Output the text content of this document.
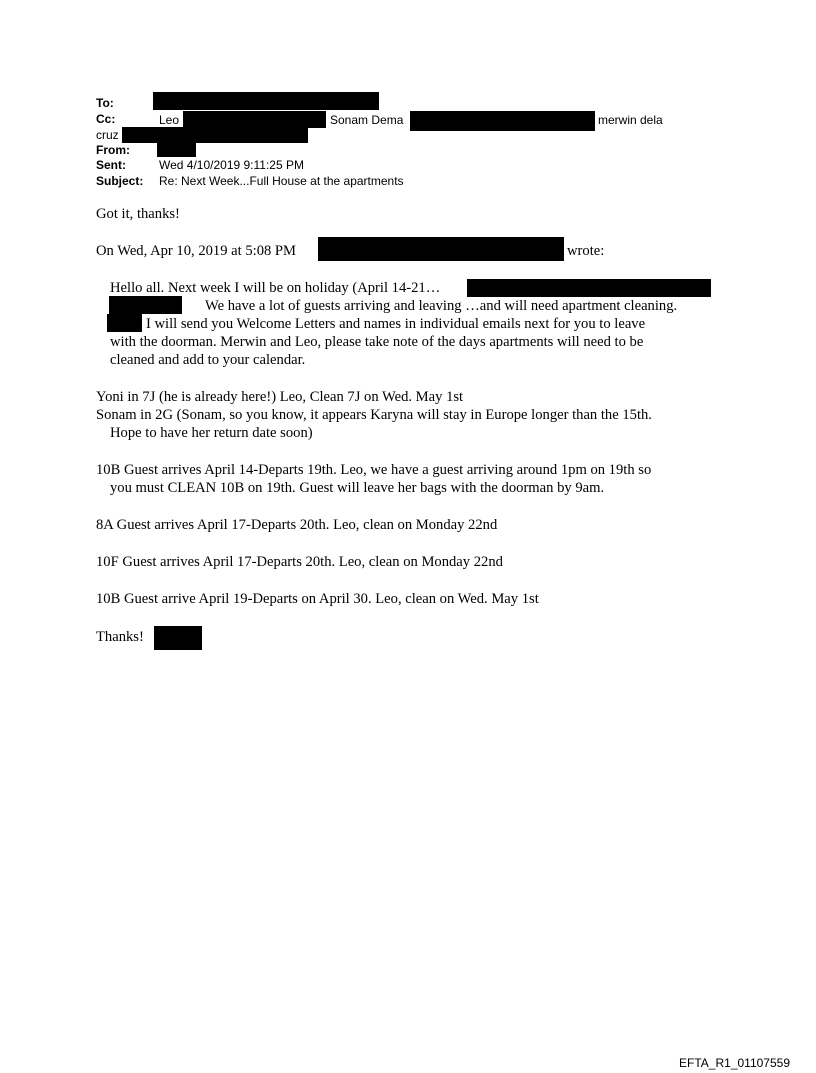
To:
Cc:	Leo	Sonam Dema	merwin dela
cruz
From:
Sent:	Wed 4/10/2019 9:11:25 PM
Subject: Re: Next Week...Full House at the apartments
Got it, thanks!
On Wed, Apr 10, 2019 at 5:08 PM	wrote:
Hello all. Next week I will be on holiday (April 14-21…
We have a lot of guests arriving and leaving …and will need apartment cleaning.
I will send you Welcome Letters and names in individual emails next for you to leave
with the doorman. Merwin and Leo, please take note of the days apartments will need to be
cleaned and add to your calendar.
Yoni in 7J (he is already here!) Leo, Clean 7J on Wed. May 1st
Sonam in 2G (Sonam, so you know, it appears Karyna will stay in Europe longer than the 15th.
Hope to have her return date soon)
10B Guest arrives April 14-Departs 19th. Leo, we have a guest arriving around 1pm on 19th so
you must CLEAN 10B on 19th. Guest will leave her bags with the doorman by 9am.
8A Guest arrives April 17-Departs 20th. Leo, clean on Monday 22nd
10F Guest arrives April 17-Departs 20th. Leo, clean on Monday 22nd
10B Guest arrive April 19-Departs on April 30. Leo, clean on Wed. May 1st
Thanks!
EFTA_R1_01107559
